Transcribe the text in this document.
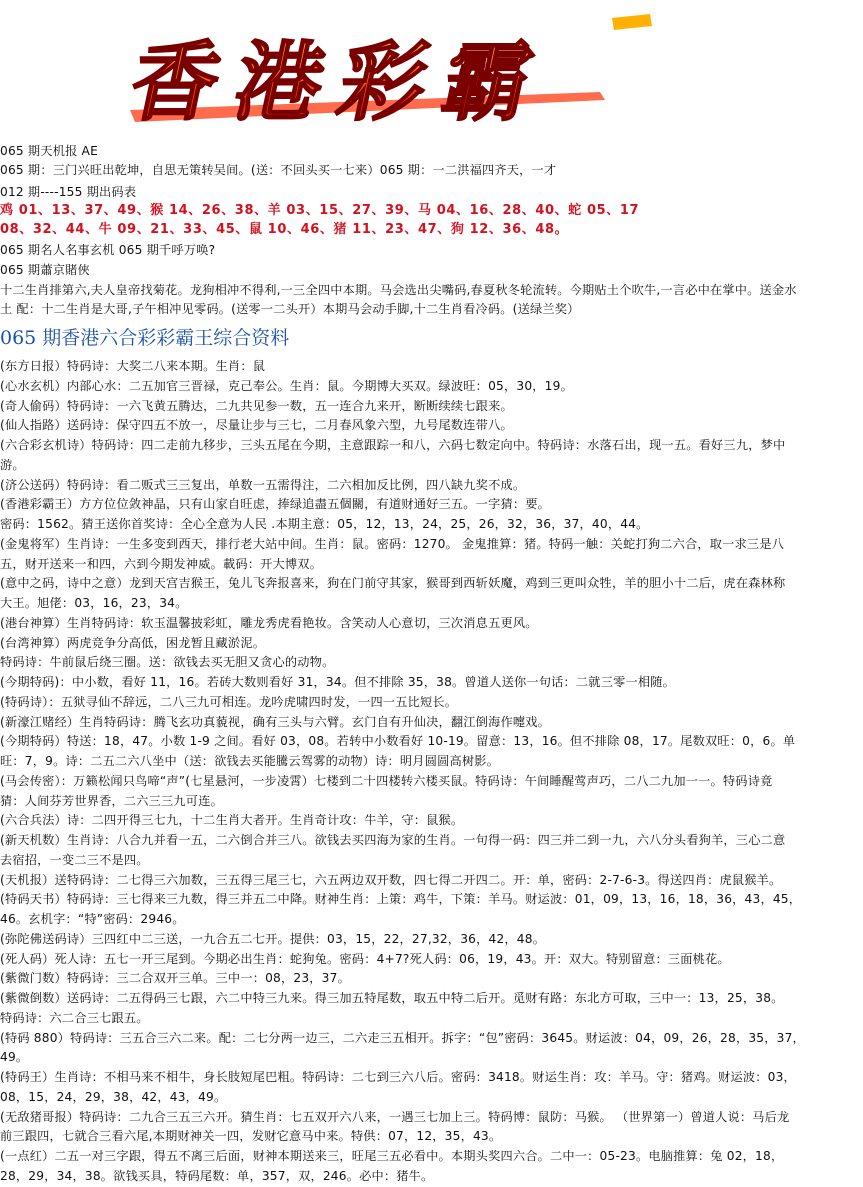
香港彩霸
065 期天机报 AE
065 期：三门兴旺出乾坤，自思无策转吴间。(送：不回头买一七来）065 期：一二洪福四齐天，一才
012 期----155 期出码表
鸡 01、13、37、49、猴 14、26、38、羊 03、15、27、39、马 04、16、28、40、蛇 05、17
08、32、44、牛 09、21、33、45、鼠 10、46、猪 11、23、47、狗 12、36、48。
065 期名人名事玄机 065 期千呼万唤?
065 期蕭京賭俠
十二生肖排第六,夫人皇帝找菊花。龙狗相冲不得利,一三全四中本期。马会选出尖嘴码,春夏秋冬轮流转。今期贴土个吹牛,一言必中在掌中。送金水
土 配：十二生肖是大哥,子午相冲见零码。(送零一二头开）本期马会动手脚,十二生肖看冷码。(送绿兰奖）
065 期香港六合彩彩霸王综合资料
(东方日报）特码诗：大奖二八来本期。生肖：鼠
(心水玄机）内部心水：二五加官三晋禄，克己奉公。生肖：鼠。今期博大买双。绿波旺：05，30，19。
(奇人偷码）特码诗：一六飞黄五腾达，二九共见参一数，五一连合九来开，断断续续七跟来。
(仙人指路）送码诗：保守四五不放一，尽量让步与三七，二月春风象六型，九号尾数连带八。
(六合彩玄机诗）特码诗：四二走前九移步，三头五尾在今期，主意跟踪一和八，六码七数定向中。特码诗：水落石出，现一五。看好三九，梦中
游。
(济公送码）特码诗：看二贩式三三复出，单数一五需得注，二六相加反比例，四八缺九奖不成。
(香港彩霸王）方方位位敛神晶，只有山家自旺虑，捧绿追盡五個關，有道财通好三五。一字猜：要。
密码：1562。猜王送你首奖诗：全心全意为人民 .本期主意：05，12，13，24，25，26，32，36，37，40，44。
(金鬼将军）生肖诗：一生多变到西天，排行老大站中间。生肖：鼠。密码：1270。 金鬼推算：猪。特码一触：关蛇打狗二六合，取一求三是八
五，财开送来一和四，六到今期发神威。載码：开大博双。
(意中之码，诗中之意）龙到天宫吉猴王，兔儿飞奔报喜来，狗在门前守其家，猴哥到西斩妖魔，鸡到三更叫众牲，羊的胆小十二后，虎在森林称
大王。旭佬：03，16，23，34。
(港台神算）生肖特码诗：软玉温馨披彩虹，雕龙秀虎看艳妆。含笑动人心意切，三次消息五更风。
(台湾神算）两虎竞争分高低，困龙暂且藏淤泥。
特码诗：牛前鼠后绕三圈。送：欲钱去买无胆又贪心的动物。
(今期特码)：中小数，看好 11，16。若砖大数则看好 31，34。但不排除 35，38。曾道人送你一句话：二就三零一相随。
(特码诗）：五狱寻仙不辞远，二八三九可相连。龙吟虎啸四时发，一四一五比短长。
(新濠江赌经）生肖特码诗：腾飞玄功真藐视，确有三头与六臂。玄门自有升仙决，翻江倒海作嚏戏。
(今期特码）特送：18，47。小数 1-9 之间。看好 03，08。若转中小数看好 10-19。留意：13，16。但不排除 08，17。尾数双旺：0，6。单
旺：7，9。诗：二五二六八坐中（送：欲钱去买能騰云驾雾的动物）诗：明月圆圆高树影。
(马会传密）：万籁松闻只鸟啼“声”(七星悬河，一步凌霄）七楼到二十四楼转六楼买鼠。特码诗：午间睡醒莺声巧，二八二九加一一。特码诗竟
猜：人间芬芳世界香，二六三三九可连。
(六合兵法）诗：二四开得三七九，十二生肖大者开。生肖奇计攻：牛羊，守：鼠猴。
(新天机数）生肖诗：八合九并看一五，二六倒合并三八。欲钱去买四海为家的生肖。一句得一码：四三并二到一九，六八分头看狗羊，三心二意
去宿招，一变二三不是四。
(天机报）送特码诗：二七得三六加数，三五得三尾三七，六五两边双开数，四七得二开四二。开：单，密码：2-7-6-3。得送四肖：虎鼠猴羊。
(特码天书）特码诗：三七得来三九数，得三并五二中降。财神生肖：上策：鸡牛，下策：羊马。财运波：01，09，13，16，18，36，43，45，
46。玄机字：“特”密码：2946。
(弥陀佛送码诗）三四红中二三送，一九合五二七开。提供：03，15，22，27,32，36，42，48。
(死人码）死人诗：五七一开三尾到。今期必出生肖：蛇狗兔。密码：4+7?死人码：06，19，43。开：双大。特别留意：三面桃花。
(紫微门数）特码诗：三二合双开三单。三中一：08，23，37。
(紫微倒数）送码诗：二五得码三七跟，六二中特三九来。得三加五特尾数，取五中特二后开。觅财有路：东北方可取，三中一：13，25，38。
特码诗：六二合三七跟五。
(特码 880）特码诗：三五合三六二来。配：二七分两一边三，二六走三五相开。拆字：“包”密码：3645。财运波：04，09，26，28，35，37，
49。
(特码王）生肖诗：不相马来不相牛，身长肢短尾巴粗。特码诗：二七到三六八后。密码：3418。财运生肖：攻：羊马。守：猪鸡。财运波：03，
08，15，24，29，38，42，43，49。
(无敌猪哥报）特码诗：二九合三五三六开。猜生肖：七五双开六八来，一遇三七加上三。特码博：鼠防：马猴。 （世界第一）曾道人说：马后龙
前三跟四，七就合三看六尾,本期财神关一四，发财它意马中来。特供：07，12，35，43。
(一点红）二五一对三字跟，得五不离三后面，财神本期送来三，旺尾三五必看中。本期头奖四六合。二中一：05-23。电脑推算：兔 02，18，
28，29，34，38。欲钱买具，特码尾数：单，357，双，246。必中：猪牛。
